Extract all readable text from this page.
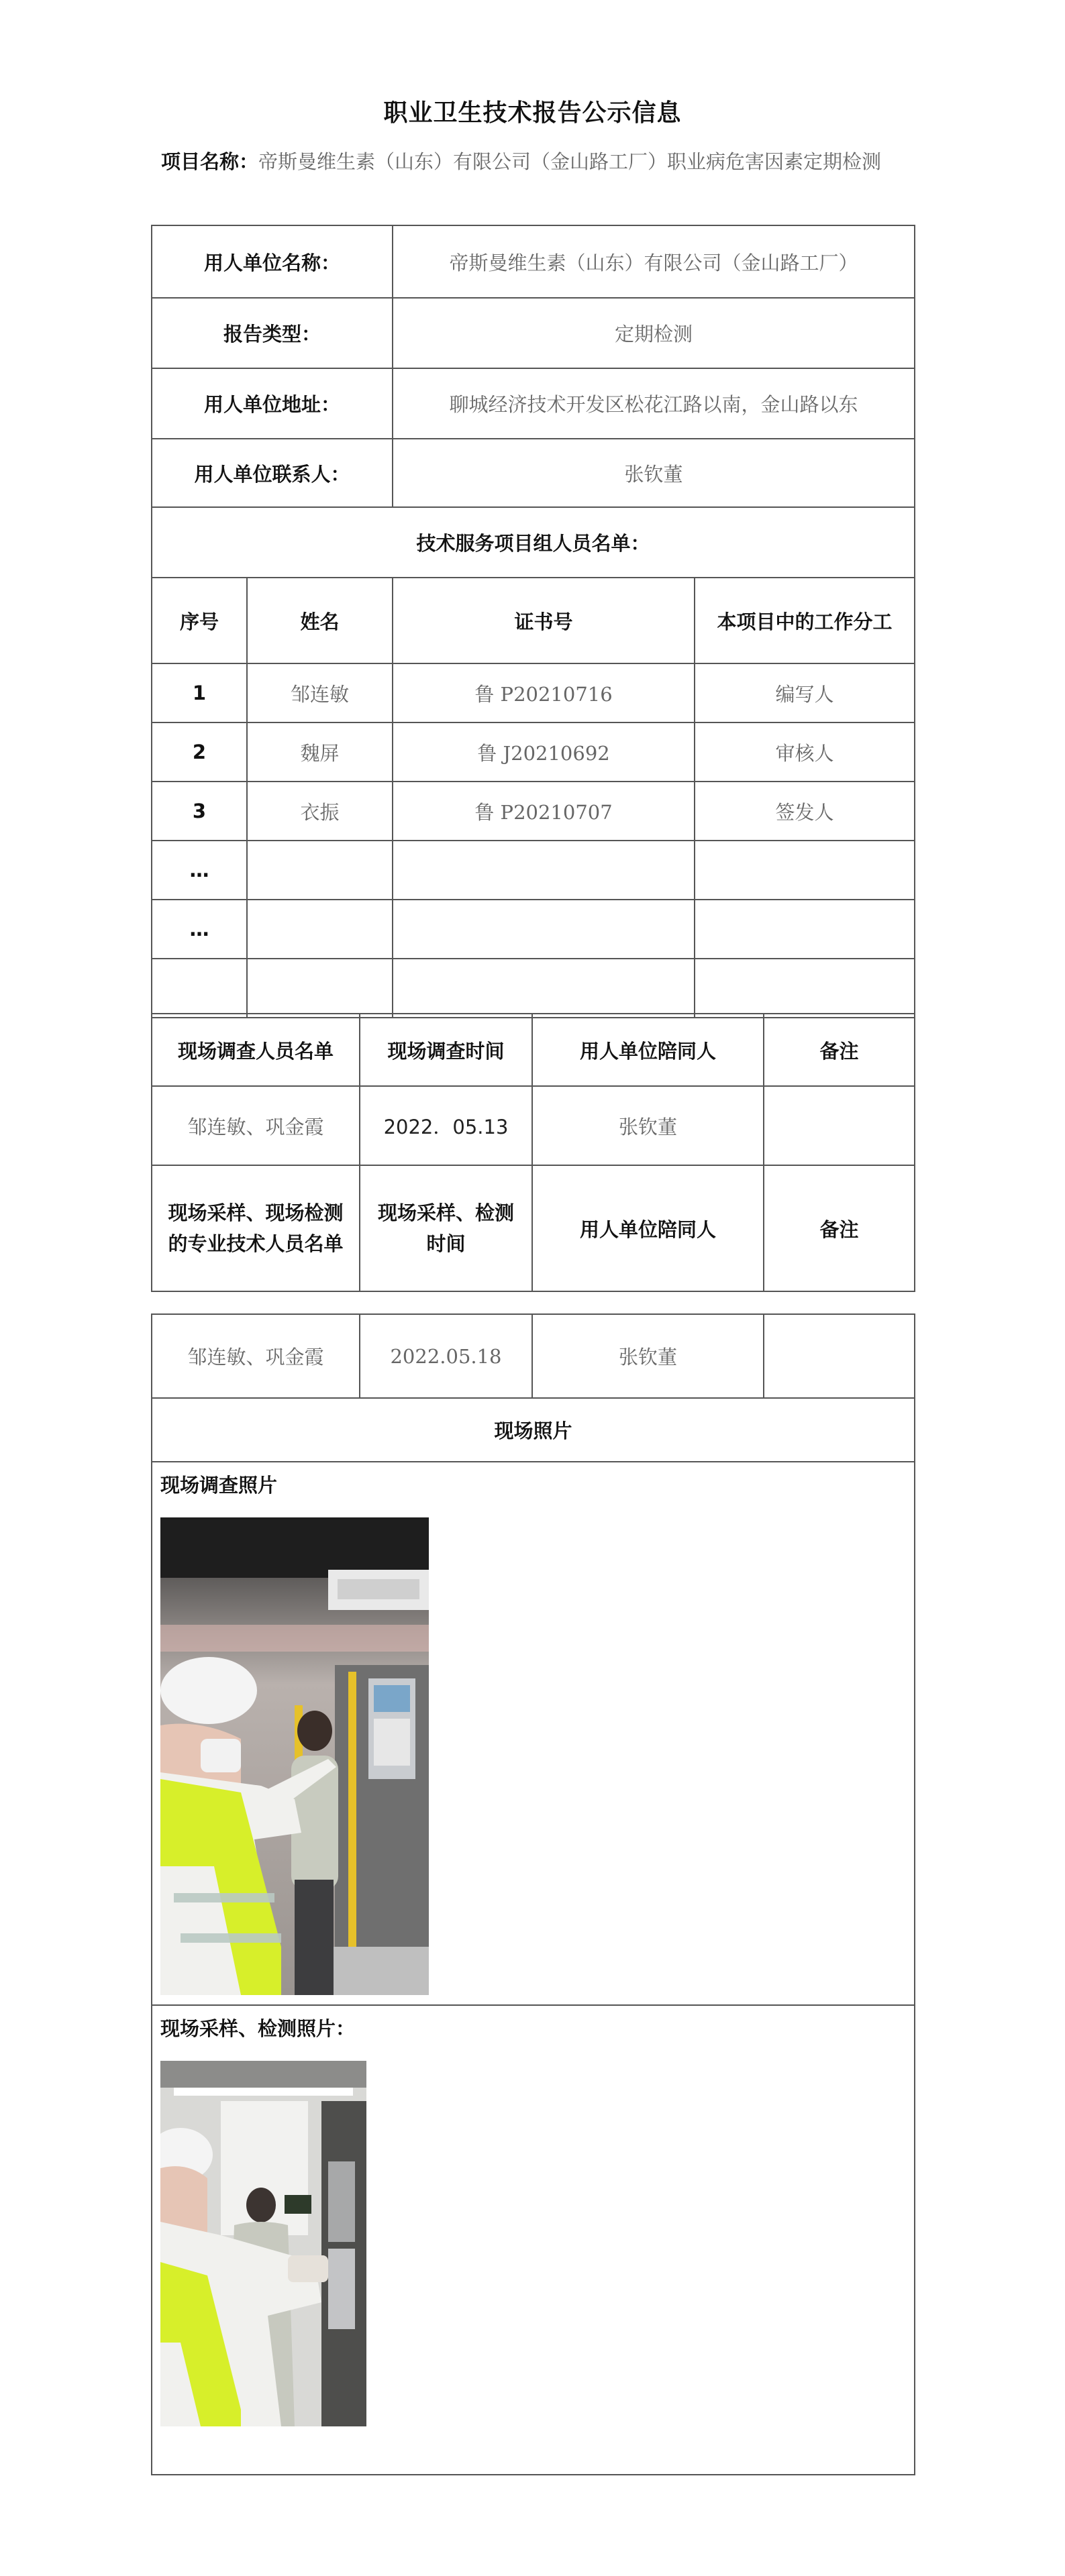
职业卫生技术报告公示信息
项目名称：帝斯曼维生素（山东）有限公司（金山路工厂）职业病危害因素定期检测
用人单位名称：		帝斯曼维生素（山东）有限公司（金山路工厂）	
报告类型：		定期检测	
用人单位地址：		聊城经济技术开发区松花江路以南，金山路以东	
用人单位联系人：		张钦董	
技术服务项目组人员名单：			
序号	姓名	证书号	本项目中的工作分工
1	邹连敏	鲁 P20210716	编写人
2	魏屏	鲁 J20210692	审核人
3	衣振	鲁 P20210707	签发人
…			
…			

现场调查人员名单	现场调查时间	用人单位陪同人	备注
邹连敏、巩金霞	2022．05.13	张钦董	
现场采样、现场检测的专业技术人员名单	现场采样、检测时间	用人单位陪同人	备注
邹连敏、巩金霞	2022.05.18	张钦董	
现场照片

现场调查照片

现场采样、检测照片：
